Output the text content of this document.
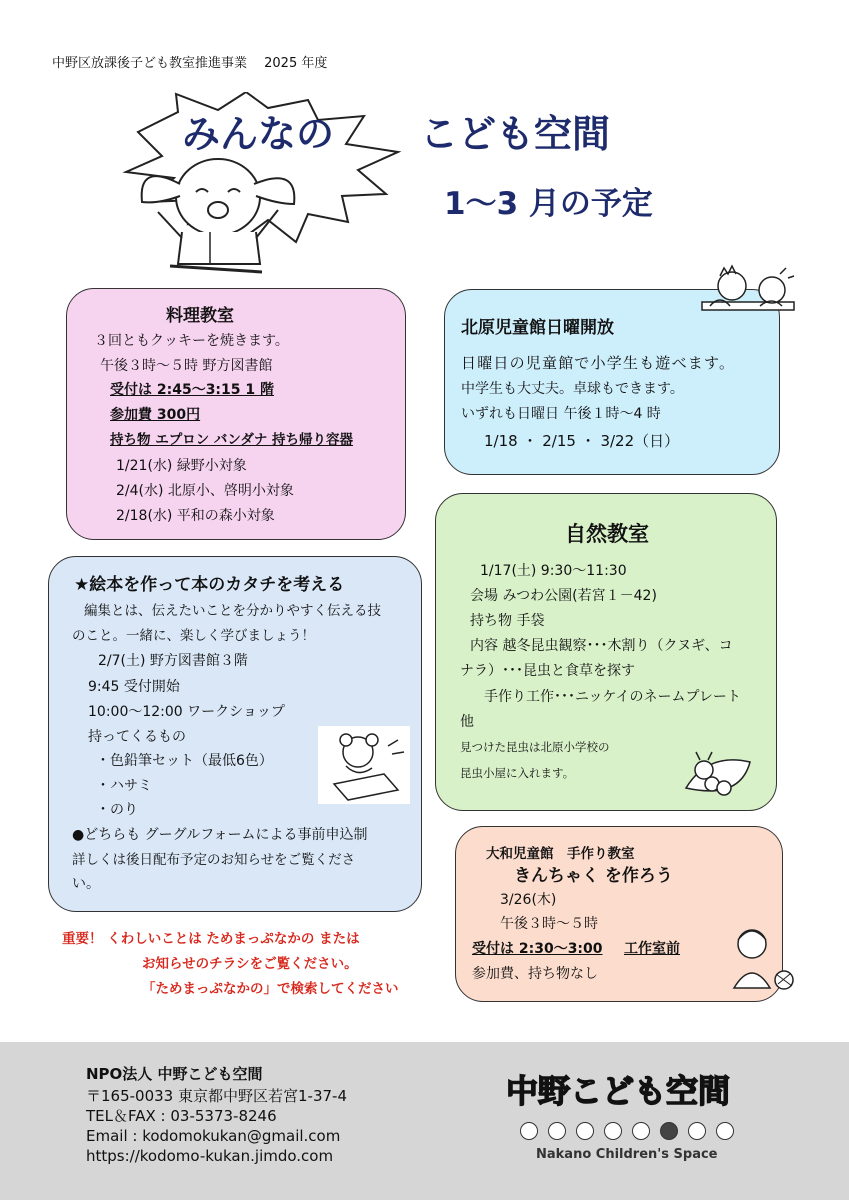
中野区放課後子ども教室推進事業　 2025 年度
みんなの こども空間
1～3 月の予定
料理教室
３回ともクッキーを焼きます。
午後３時～５時 野方図書館
受付は 2:45～3:15 1 階
参加費 300円
持ち物 エプロン バンダナ 持ち帰り容器
1/21(水) 緑野小対象
2/4(水) 北原小、啓明小対象
2/18(水) 平和の森小対象
北原児童館日曜開放
日曜日の児童館で小学生も遊べます。
中学生も大丈夫。卓球もできます。
いずれも日曜日 午後１時～4 時
1/18 ・ 2/15 ・ 3/22（日）
★絵本を作って本のカタチを考える
編集とは、伝えたいことを分かりやすく伝える技
のこと。一緒に、楽しく学びましょう！
2/7(土) 野方図書館３階
9:45 受付開始
10:00～12:00 ワークショップ
持ってくるもの
・色鉛筆セット（最低6色）
・ハサミ
・のり
●どちらも グーグルフォームによる事前申込制
詳しくは後日配布予定のお知らせをご覧くださ
い。
自然教室
1/17(土) 9:30～11:30
会場 みつわ公園(若宮１－42)
持ち物 手袋
内容 越冬昆虫観察･･･木割り（クヌギ、コ
ナラ）･･･昆虫と食草を探す
手作り工作･･･ニッケイのネームプレート
他
見つけた昆虫は北原小学校の
昆虫小屋に入れます。
大和児童館　手作り教室
きんちゃく を作ろう
3/26(木)
午後３時～５時
受付は 2:30～3:00 工作室前
参加費、持ち物なし
重要！ くわしいことは ためまっぷなかの または
お知らせのチラシをご覧ください。
「ためまっぷなかの」で検索してください
NPO法人 中野こども空間
〒165-0033 東京都中野区若宮1-37-4
TEL＆FAX : 03-5373-8246
Email : kodomokukan@gmail.com
https://kodomo-kukan.jimdo.com
中野こども空間
Nakano Children's Space
